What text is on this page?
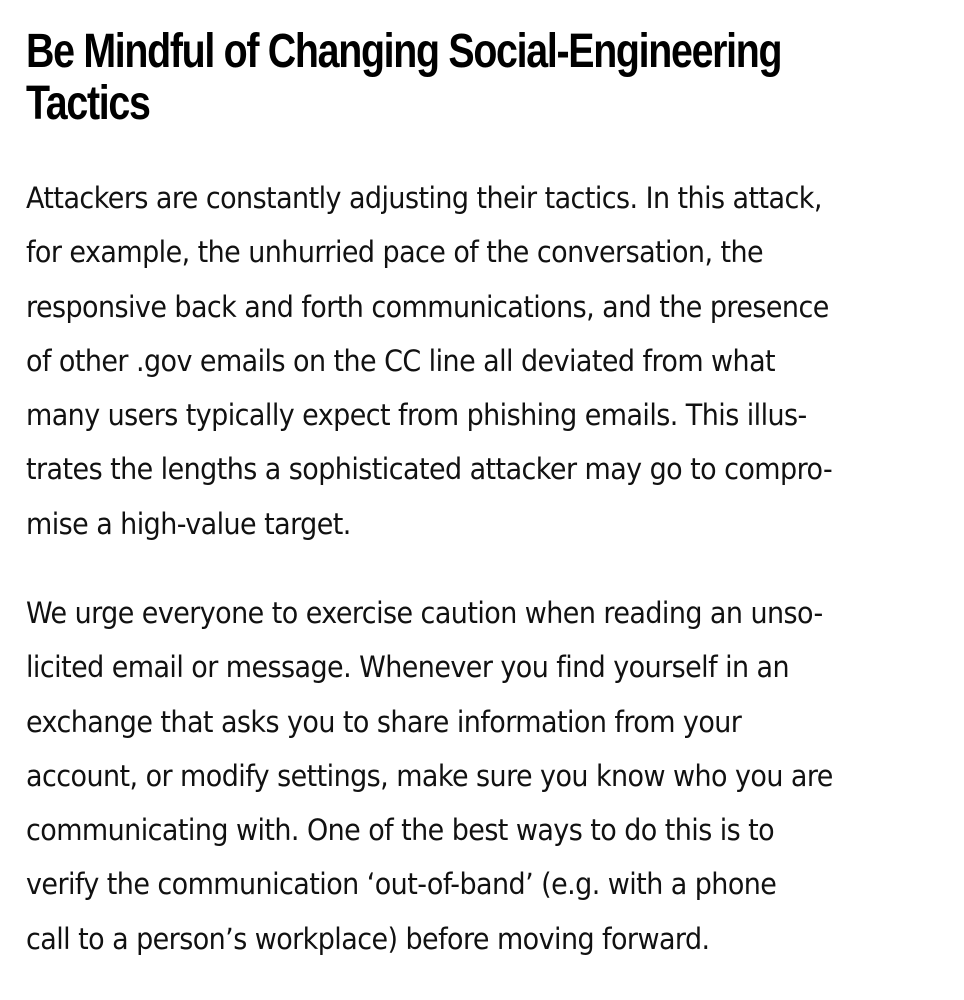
Be Mindful of Changing Social-Engineering
Tactics
Attackers are constantly adjusting their tactics. In this attack,
for example, the unhurried pace of the conversation, the
responsive back and forth communications, and the presence
of other .gov emails on the CC line all deviated from what
many users typically expect from phishing emails. This illus-
trates the lengths a sophisticated attacker may go to compro-
mise a high-value target.
We urge everyone to exercise caution when reading an unso-
licited email or message. Whenever you find yourself in an
exchange that asks you to share information from your
account, or modify settings, make sure you know who you are
communicating with. One of the best ways to do this is to
verify the communication ‘out-of-band’ (e.g. with a phone
call to a person’s workplace) before moving forward.
